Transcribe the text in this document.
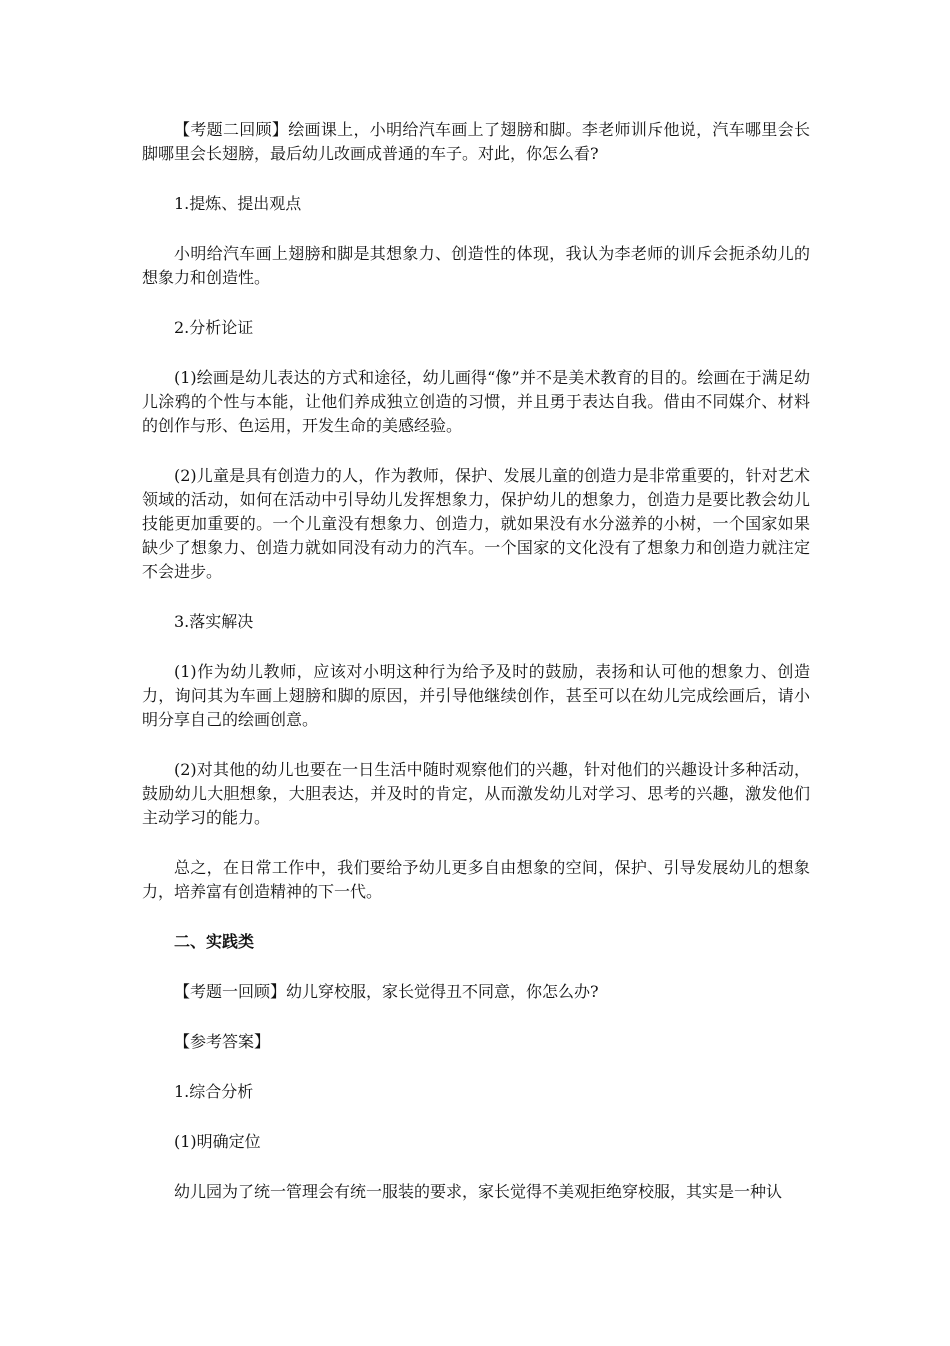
【考题二回顾】绘画课上，小明给汽车画上了翅膀和脚。李老师训斥他说，汽车哪里会长脚哪里会长翅膀，最后幼儿改画成普通的车子。对此，你怎么看?

1.提炼、提出观点

小明给汽车画上翅膀和脚是其想象力、创造性的体现，我认为李老师的训斥会扼杀幼儿的想象力和创造性。

2.分析论证

(1)绘画是幼儿表达的方式和途径，幼儿画得“像”并不是美术教育的目的。绘画在于满足幼儿涂鸦的个性与本能，让他们养成独立创造的习惯，并且勇于表达自我。借由不同媒介、材料的创作与形、色运用，开发生命的美感经验。

(2)儿童是具有创造力的人，作为教师，保护、发展儿童的创造力是非常重要的，针对艺术领域的活动，如何在活动中引导幼儿发挥想象力，保护幼儿的想象力，创造力是要比教会幼儿技能更加重要的。一个儿童没有想象力、创造力，就如果没有水分滋养的小树，一个国家如果缺少了想象力、创造力就如同没有动力的汽车。一个国家的文化没有了想象力和创造力就注定不会进步。

3.落实解决

(1)作为幼儿教师，应该对小明这种行为给予及时的鼓励，表扬和认可他的想象力、创造力，询问其为车画上翅膀和脚的原因，并引导他继续创作，甚至可以在幼儿完成绘画后，请小明分享自己的绘画创意。

(2)对其他的幼儿也要在一日生活中随时观察他们的兴趣，针对他们的兴趣设计多种活动，鼓励幼儿大胆想象，大胆表达，并及时的肯定，从而激发幼儿对学习、思考的兴趣，激发他们主动学习的能力。

总之，在日常工作中，我们要给予幼儿更多自由想象的空间，保护、引导发展幼儿的想象力，培养富有创造精神的下一代。

二、实践类

【考题一回顾】幼儿穿校服，家长觉得丑不同意，你怎么办?

【参考答案】

1.综合分析

(1)明确定位

幼儿园为了统一管理会有统一服装的要求，家长觉得不美观拒绝穿校服，其实是一种认
